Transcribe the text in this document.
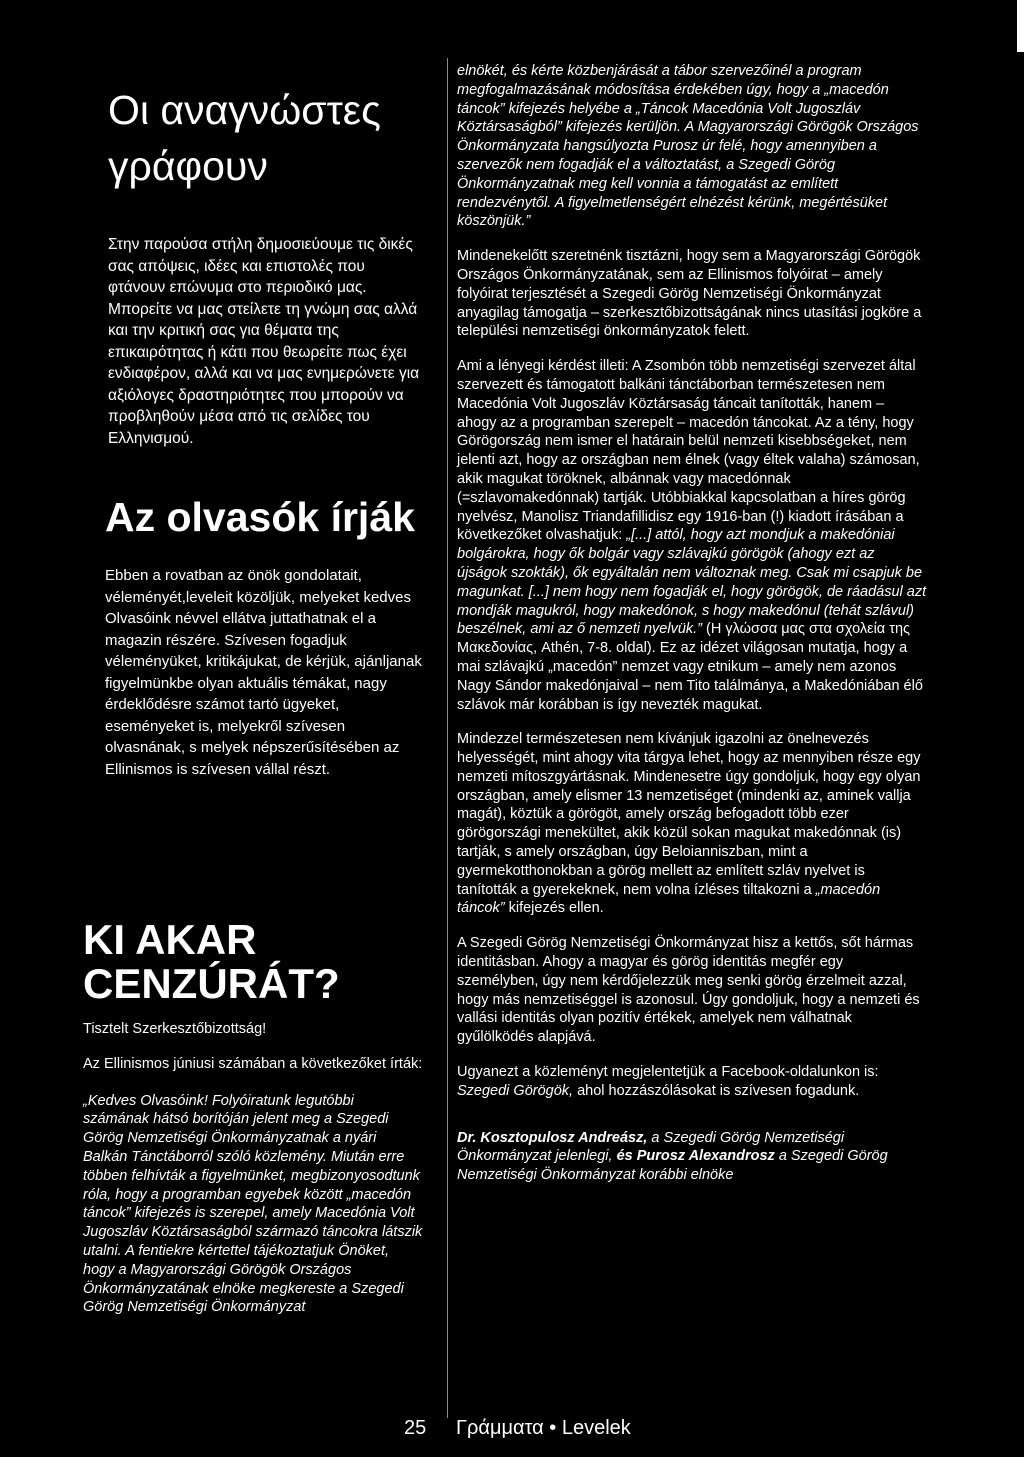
Οι αναγνώστες γράφουν

Στην παρούσα στήλη δημοσιεύουμε τις δικές σας απόψεις, ιδέες και επιστολές που φτάνουν επώνυμα στο περιοδικό μας. Μπορείτε να μας στείλετε τη γνώμη σας αλλά και την κριτική σας για θέματα της επικαιρότητας ή κάτι που θεωρείτε πως έχει ενδιαφέρον, αλλά και να μας ενημερώνετε για αξιόλογες δραστηριότητες που μπορούν να προβληθούν μέσα από τις σελίδες του Ελληνισμού.

Az olvasók írják

Ebben a rovatban az önök gondolatait, véleményét,leveleit közöljük, melyeket kedves Olvasóink névvel ellátva juttathatnak el a magazin részére. Szívesen fogadjuk véleményüket, kritikájukat, de kérjük, ajánljanak figyelmünkbe olyan aktuális témákat, nagy érdeklődésre számot tartó ügyeket, eseményeket is, melyekről szívesen olvasnának, s melyek népszerűsítésében az Ellinismos is szívesen vállal részt.

KI AKAR CENZÚRÁT?

Tisztelt Szerkesztőbizottság!

Az Ellinismos júniusi számában a következőket írták:

„Kedves Olvasóink! Folyóiratunk legutóbbi számának hátsó borítóján jelent meg a Szegedi Görög Nemzetiségi Önkormányzatnak a nyári Balkán Tánctáborról szóló közlemény. Miután erre többen felhívták a figyelmünket, megbizonyosodtunk róla, hogy a programban egyebek között „macedón táncok” kifejezés is szerepel, amely Macedónia Volt Jugoszláv Köztársaságból származó táncokra látszik utalni. A fentiekre kértettel tájékoztatjuk Önöket, hogy a Magyarországi Görögök Országos Önkormányzatának elnöke megkereste a Szegedi Görög Nemzetiségi Önkormányzat

elnökét, és kérte közbenjárását a tábor szervezőinél a program megfogalmazásának módosítása érdekében úgy, hogy a „macedón táncok” kifejezés helyébe a „Táncok Macedónia Volt Jugoszláv Köztársaságból” kifejezés kerüljön. A Magyarországi Görögök Országos Önkormányzata hangsúlyozta Purosz úr felé, hogy amennyiben a szervezők nem fogadják el a változtatást, a Szegedi Görög Önkormányzatnak meg kell vonnia a támogatást az említett rendezvénytől. A figyelmetlenségért elnézést kérünk, megértésüket köszönjük.”

Mindenekelőtt szeretnénk tisztázni, hogy sem a Magyarországi Görögök Országos Önkormányzatának, sem az Ellinismos folyóirat – amely folyóirat terjesztését a Szegedi Görög Nemzetiségi Önkormányzat anyagilag támogatja – szerkesztőbizottságának nincs utasítási jogköre a települési nemzetiségi önkormányzatok felett.

Ami a lényegi kérdést illeti: A Zsombón több nemzetiségi szervezet által szervezett és támogatott balkáni tánctáborban természetesen nem Macedónia Volt Jugoszláv Köztársaság táncait tanították, hanem – ahogy az a programban szerepelt – macedón táncokat. Az a tény, hogy Görögország nem ismer el határain belül nemzeti kisebbségeket, nem jelenti azt, hogy az országban nem élnek (vagy éltek valaha) számosan, akik magukat töröknek, albánnak vagy macedónnak (=szlavomakedónnak) tartják. Utóbbiakkal kapcsolatban a híres görög nyelvész, Manolisz Triandafillidisz egy 1916-ban (!) kiadott írásában a következőket olvashatjuk: „[...] attól, hogy azt mondjuk a makedóniai bolgárokra, hogy ők bolgár vagy szlávajkú görögök (ahogy ezt az újságok szokták), ők egyáltalán nem változnak meg. Csak mi csapjuk be magunkat. [...] nem hogy nem fogadják el, hogy görögök, de ráadásul azt mondják magukról, hogy makedónok, s hogy makedónul (tehát szlávul) beszélnek, ami az ő nemzeti nyelvük.” (Η γλώσσα μας στα σχολεία της Μακεδονίας, Athén, 7-8. oldal). Ez az idézet világosan mutatja, hogy a mai szlávajkú „macedón” nemzet vagy etnikum – amely nem azonos Nagy Sándor makedónjaival – nem Tito találmánya, a Makedóniában élő szlávok már korábban is így nevezték magukat.

Mindezzel természetesen nem kívánjuk igazolni az önelnevezés helyességét, mint ahogy vita tárgya lehet, hogy az mennyiben része egy nemzeti mítoszgyártásnak. Mindenesetre úgy gondoljuk, hogy egy olyan országban, amely elismer 13 nemzetiséget (mindenki az, aminek vallja magát), köztük a görögöt, amely ország befogadott több ezer görögországi menekültet, akik közül sokan magukat makedónnak (is) tartják, s amely országban, úgy Beloianniszban, mint a gyermekotthonokban a görög mellett az említett szláv nyelvet is tanították a gyerekeknek, nem volna ízléses tiltakozni a „macedón táncok” kifejezés ellen.

A Szegedi Görög Nemzetiségi Önkormányzat hisz a kettős, sőt hármas identitásban. Ahogy a magyar és görög identitás megfér egy személyben, úgy nem kérdőjelezzük meg senki görög érzelmeit azzal, hogy más nemzetiséggel is azonosul. Úgy gondoljuk, hogy a nemzeti és vallási identitás olyan pozitív értékek, amelyek nem válhatnak gyűlölködés alapjává.

Ugyanezt a közleményt megjelentetjük a Facebook-oldalunkon is: Szegedi Görögök, ahol hozzászólásokat is szívesen fogadunk.

Dr. Kosztopulosz Andreász, a Szegedi Görög Nemzetiségi Önkormányzat jelenlegi, és Purosz Alexandrosz a Szegedi Görög Nemzetiségi Önkormányzat korábbi elnöke

25 Γράμματα • Levelek
